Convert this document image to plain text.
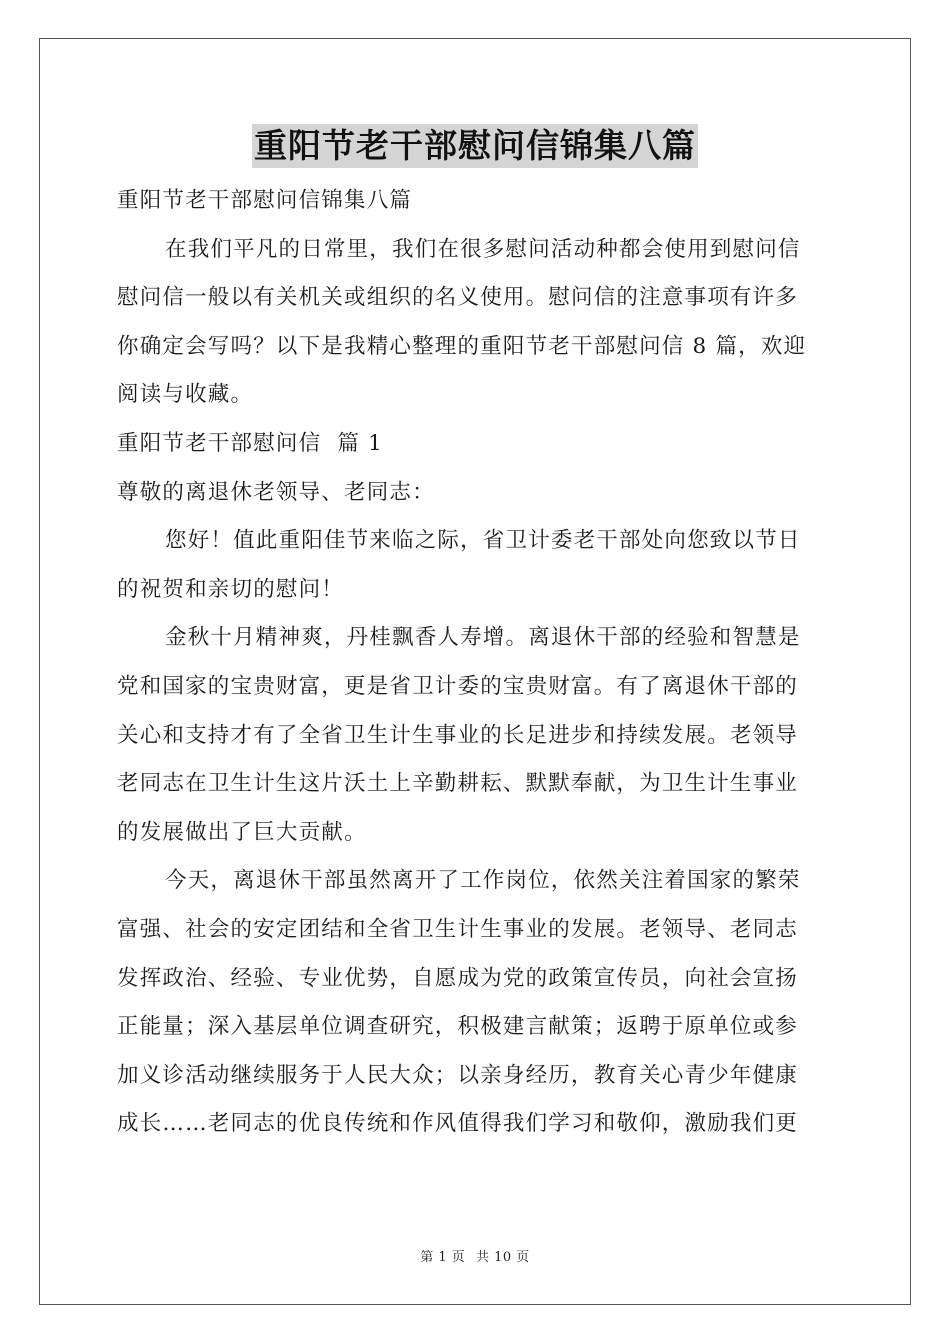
重阳节老干部慰问信锦集八篇

重阳节老干部慰问信锦集八篇

在我们平凡的日常里，我们在很多慰问活动种都会使用到慰问信
慰问信一般以有关机关或组织的名义使用。慰问信的注意事项有许多
你确定会写吗？以下是我精心整理的重阳节老干部慰问信 8 篇，欢迎
阅读与收藏。

重阳节老干部慰问信  篇 1

尊敬的离退休老领导、老同志：

您好！值此重阳佳节来临之际，省卫计委老干部处向您致以节日
的祝贺和亲切的慰问！

金秋十月精神爽，丹桂飘香人寿增。离退休干部的经验和智慧是
党和国家的宝贵财富，更是省卫计委的宝贵财富。有了离退休干部的
关心和支持才有了全省卫生计生事业的长足进步和持续发展。老领导
老同志在卫生计生这片沃土上辛勤耕耘、默默奉献，为卫生计生事业
的发展做出了巨大贡献。

今天，离退休干部虽然离开了工作岗位，依然关注着国家的繁荣
富强、社会的安定团结和全省卫生计生事业的发展。老领导、老同志
发挥政治、经验、专业优势，自愿成为党的政策宣传员，向社会宣扬
正能量；深入基层单位调查研究，积极建言献策；返聘于原单位或参
加义诊活动继续服务于人民大众；以亲身经历，教育关心青少年健康
成长……老同志的优良传统和作风值得我们学习和敬仰，激励我们更

第 1 页 共 10 页
